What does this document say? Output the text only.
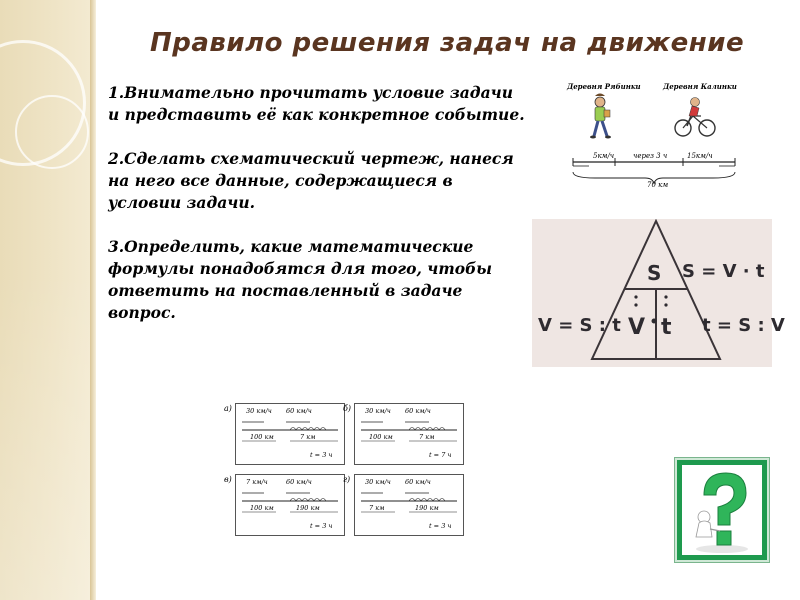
Правило решения задач на движение

1.Внимательно прочитать условие задачи и представить её как конкретное событие.

2.Сделать схематический чертеж, нанеся на него все данные, содержащиеся в условии задачи.

3.Определить, какие математические формулы понадобятся для того, чтобы ответить на поставленный в задаче вопрос.

Деревня Рябинки	Деревня Калинки
5км/ч	через 3 ч	15км/ч
70 км
S
V t
S = V · t
V = S : t	t = S : V
а) 30 км/ч 60 км/ч
100 км	7 км
t = 3 ч
б) 30 км/ч 60 км/ч
100 км	7 км
t = 7 ч
в) 7 км/ч	60 км/ч
100 км	190 км
t = 3 ч
г) 30 км/ч 60 км/ч
7 км	190 км
t = 3 ч
